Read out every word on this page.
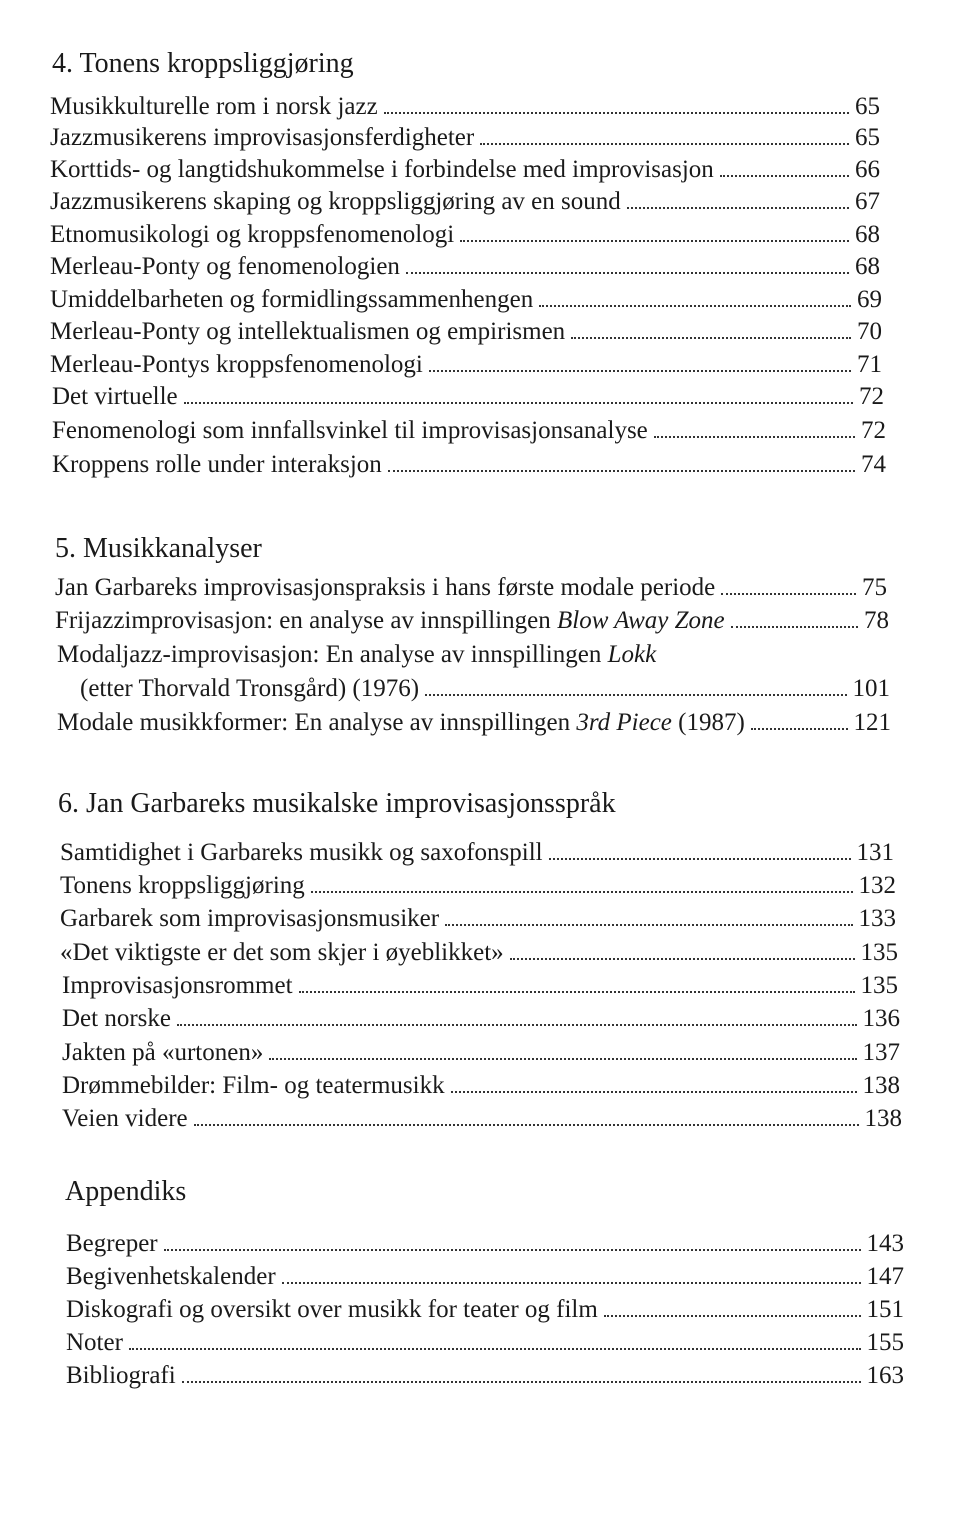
4. Tonens kroppsliggjøring
Musikkulturelle rom i norsk jazz	65
Jazzmusikerens improvisasjonsferdigheter	65
Korttids- og langtidshukommelse i forbindelse med improvisasjon	66
Jazzmusikerens skaping og kroppsliggjøring av en sound	67
Etnomusikologi og kroppsfenomenologi	68
Merleau-Ponty og fenomenologien	68
Umiddelbarheten og formidlingssammenhengen	69
Merleau-Ponty og intellektualismen og empirismen	70
Merleau-Pontys kroppsfenomenologi	71
Det virtuelle	72
Fenomenologi som innfallsvinkel til improvisasjonsanalyse	72
Kroppens rolle under interaksjon	74
5. Musikkanalyser
Jan Garbareks improvisasjonspraksis i hans første modale periode	75
Frijazzimprovisasjon: en analyse av innspillingen Blow Away Zone	78
Modaljazz-improvisasjon: En analyse av innspillingen Lokk
(etter Thorvald Tronsgård) (1976)	101
Modale musikkformer: En analyse av innspillingen 3rd Piece (1987)	121
6. Jan Garbareks musikalske improvisasjonsspråk
Samtidighet i Garbareks musikk og saxofonspill	131
Tonens kroppsliggjøring	132
Garbarek som improvisasjonsmusiker	133
«Det viktigste er det som skjer i øyeblikket»	135
Improvisasjonsrommet	135
Det norske	136
Jakten på «urtonen»	137
Drømmebilder: Film- og teatermusikk	138
Veien videre	138
Appendiks
Begreper	143
Begivenhetskalender	147
Diskografi og oversikt over musikk for teater og film	151
Noter	155
Bibliografi	163
